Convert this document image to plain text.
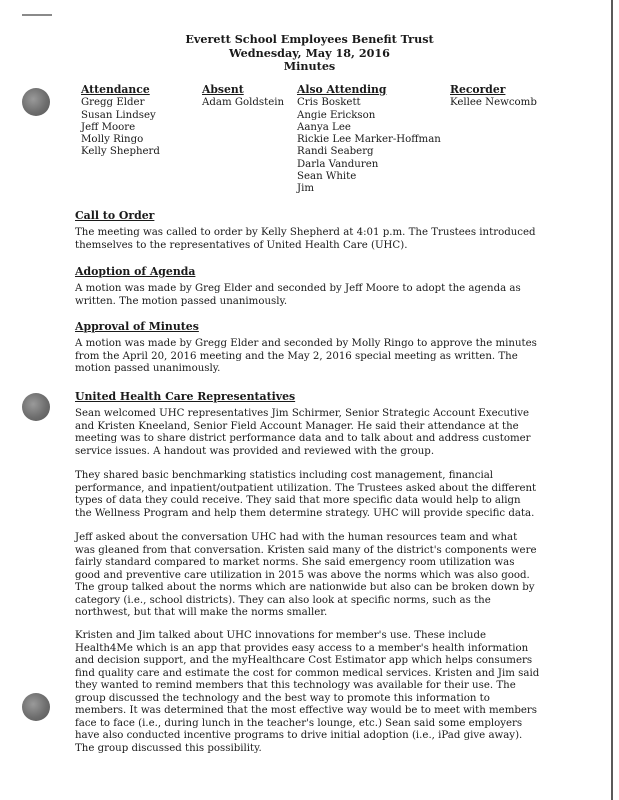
Everett School Employees Benefit Trust
Wednesday, May 18, 2016
Minutes
Attendance
Gregg Elder
Susan Lindsey
Jeff Moore
Molly Ringo
Kelly Shepherd
Absent
Adam Goldstein
Also Attending
Cris Boskett
Angie Erickson
Aanya Lee
Rickie Lee Marker-Hoffman
Randi Seaberg
Darla Vanduren
Sean White
Jim
Recorder
Kellee Newcomb
Call to Order
The meeting was called to order by Kelly Shepherd at 4:01 p.m. The Trustees introduced themselves to the representatives of United Health Care (UHC).
Adoption of Agenda
A motion was made by Greg Elder and seconded by Jeff Moore to adopt the agenda as written. The motion passed unanimously.
Approval of Minutes
A motion was made by Gregg Elder and seconded by Molly Ringo to approve the minutes from the April 20, 2016 meeting and the May 2, 2016 special meeting as written. The motion passed unanimously.
United Health Care Representatives
Sean welcomed UHC representatives Jim Schirmer, Senior Strategic Account Executive and Kristen Kneeland, Senior Field Account Manager. He said their attendance at the meeting was to share district performance data and to talk about and address customer service issues. A handout was provided and reviewed with the group.
They shared basic benchmarking statistics including cost management, financial performance, and inpatient/outpatient utilization. The Trustees asked about the different types of data they could receive. They said that more specific data would help to align the Wellness Program and help them determine strategy. UHC will provide specific data.
Jeff asked about the conversation UHC had with the human resources team and what was gleaned from that conversation. Kristen said many of the district's components were fairly standard compared to market norms. She said emergency room utilization was good and preventive care utilization in 2015 was above the norms which was also good. The group talked about the norms which are nationwide but also can be broken down by category (i.e., school districts). They can also look at specific norms, such as the northwest, but that will make the norms smaller.
Kristen and Jim talked about UHC innovations for member's use. These include Health4Me which is an app that provides easy access to a member's health information and decision support, and the myHealthcare Cost Estimator app which helps consumers find quality care and estimate the cost for common medical services. Kristen and Jim said they wanted to remind members that this technology was available for their use. The group discussed the technology and the best way to promote this information to members. It was determined that the most effective way would be to meet with members face to face (i.e., during lunch in the teacher's lounge, etc.) Sean said some employers have also conducted incentive programs to drive initial adoption (i.e., iPad give away). The group discussed this possibility.
